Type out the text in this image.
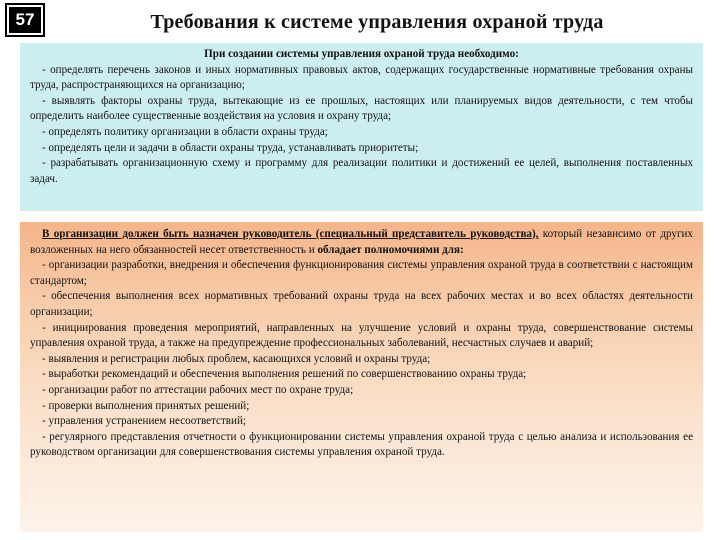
57	Требования к системе управления охраной труда
При создании системы управления охраной труда необходимо:
- определять перечень законов и иных нормативных правовых актов, содержащих государственные нормативные требования охраны труда, распространяющихся на организацию;
- выявлять факторы охраны труда, вытекающие из ее прошлых, настоящих или планируемых видов деятельности, с тем чтобы определить наиболее существенные воздействия на условия и охрану труда;
- определять политику организации в области охраны труда;
- определять цели и задачи в области охраны труда, устанавливать приоритеты;
- разрабатывать организационную схему и программу для реализации политики и достижений ее целей, выполнения поставленных задач.
В организации должен быть назначен руководитель (специальный представитель руководства), который независимо от других возложенных на него обязанностей несет ответственность и обладает полномочиями для:
- организации разработки, внедрения и обеспечения функционирования системы управления охраной труда в соответствии с настоящим стандартом;
- обеспечения выполнения всех нормативных требований охраны труда на всех рабочих местах и во всех областях деятельности организации;
- инициирования проведения мероприятий, направленных на улучшение условий и охраны труда, совершенствование системы управления охраной труда, а также на предупреждение профессиональных заболеваний, несчастных случаев и аварий;
- выявления и регистрации любых проблем, касающихся условий и охраны труда;
- выработки рекомендаций и обеспечения выполнения решений по совершенствованию охраны труда;
- организации работ по аттестации рабочих мест по охране труда;
- проверки выполнения принятых решений;
- управления устранением несоответствий;
- регулярного представления отчетности о функционировании системы управления охраной труда с целью анализа и использования ее руководством организации для совершенствования системы управления охраной труда.
